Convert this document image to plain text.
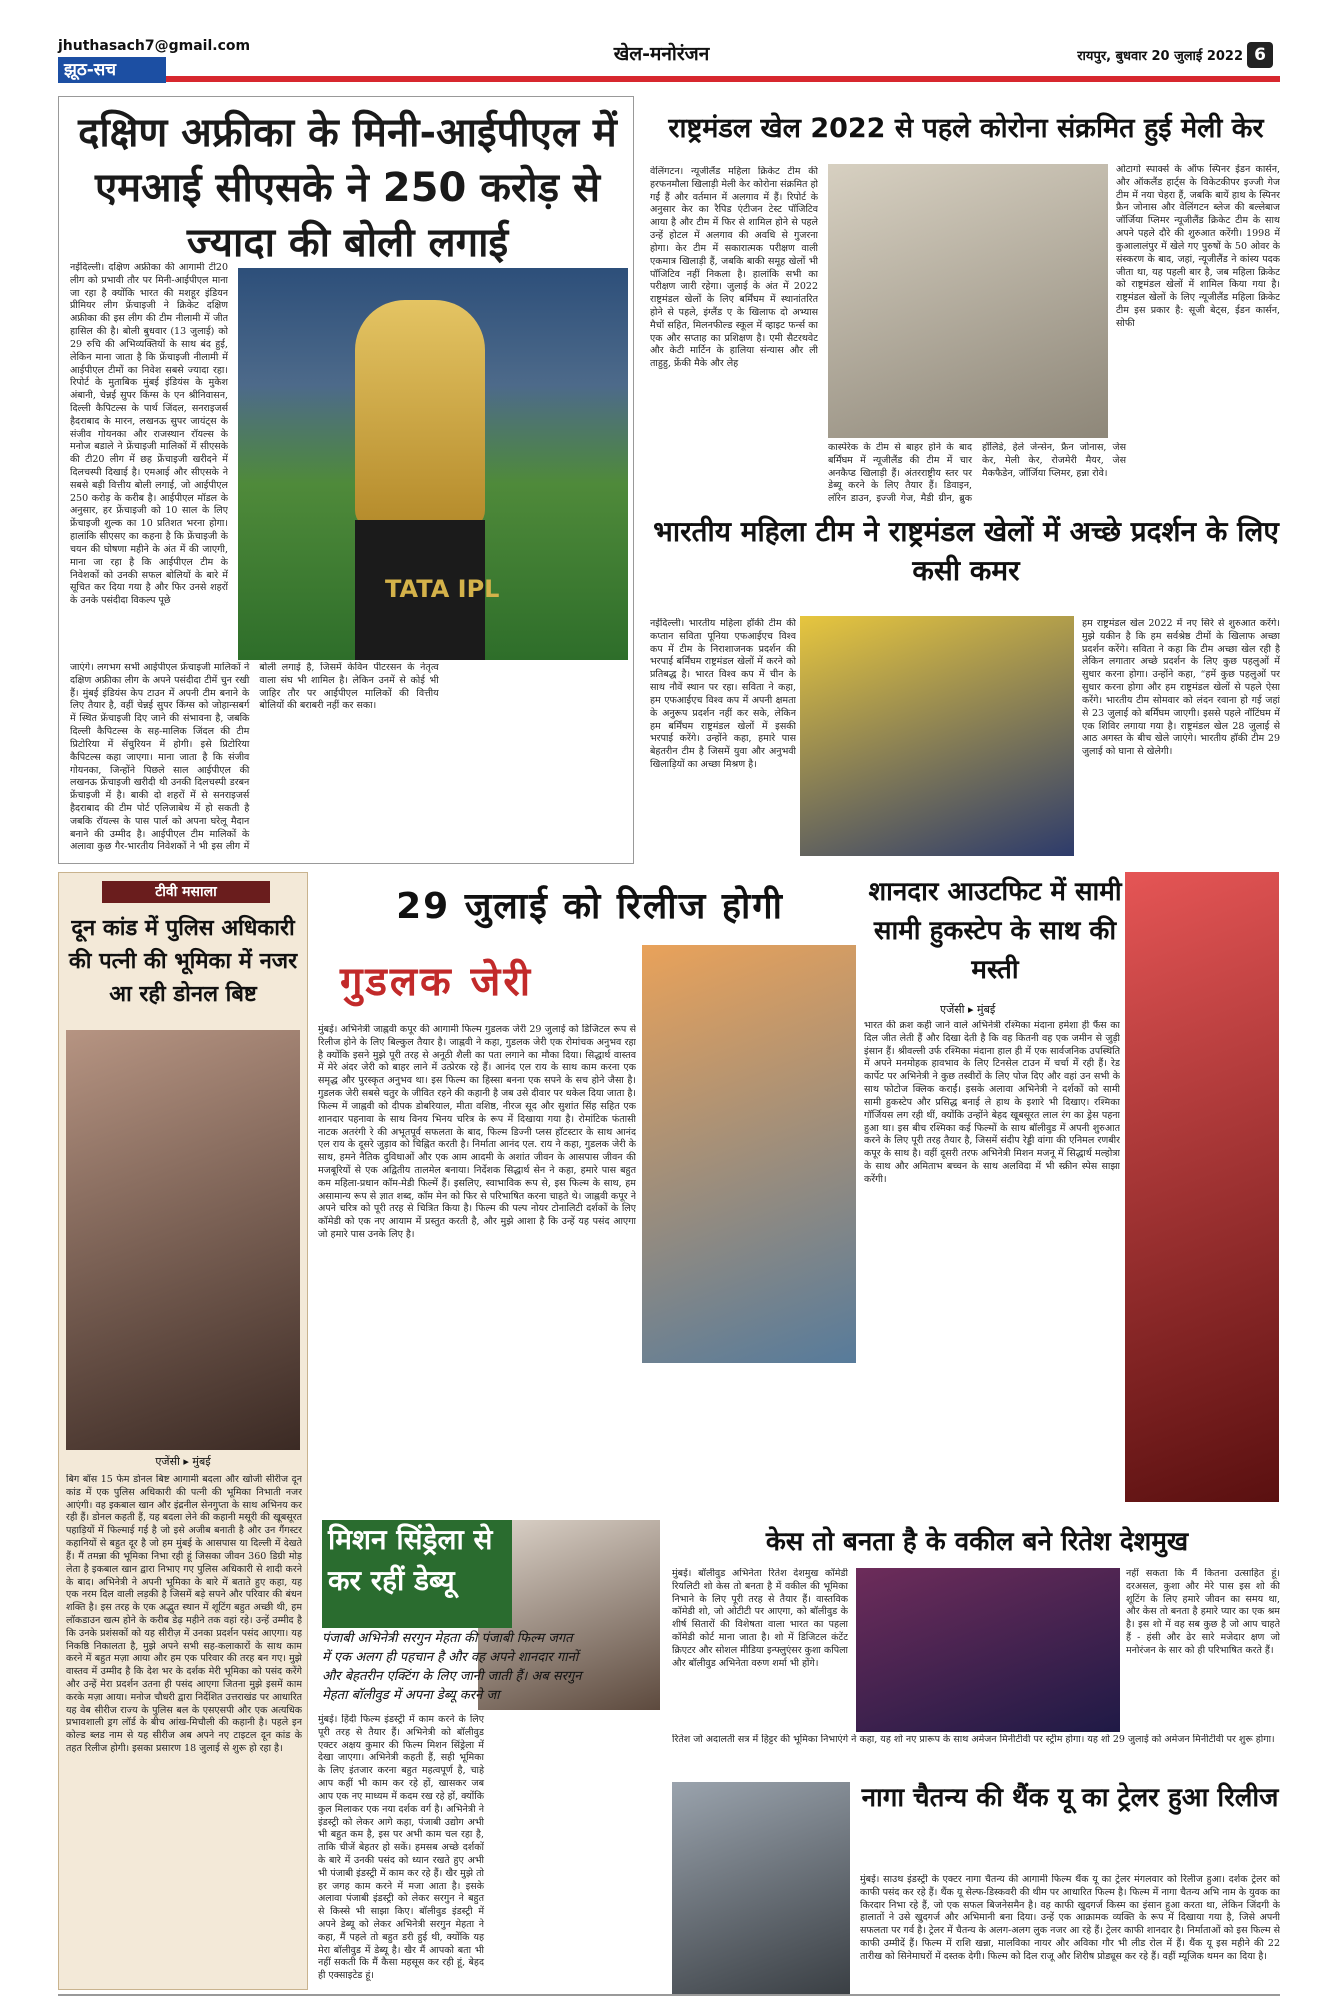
jhuthasach7@gmail.com	खेल-मनोरंजन	रायपुर, बुधवार 20 जुलाई 2022 6
झूठ-सच
दक्षिण अफ्रीका के मिनी-आईपीएल में एमआई सीएसके ने 250 करोड़ से ज्यादा की बोली लगाई
TATA IPL
नईदिल्ली। दक्षिण अफ्रीका की आगामी टी20 लीग को प्रभावी तौर पर मिनी-आईपीएल माना जा रहा है क्योंकि भारत की मशहूर इंडियन प्रीमियर लीग फ्रेंचाइजी ने क्रिकेट दक्षिण अफ्रीका की इस लीग की टीम नीलामी में जीत हासिल की है। बोली बुधवार (13 जुलाई) को 29 रुचि की अभिव्यक्तियों के साथ बंद हुई, लेकिन माना जाता है कि फ्रेंचाइजी नीलामी में आईपीएल टीमों का निवेश सबसे ज्यादा रहा। रिपोर्ट के मुताबिक मुंबई इंडियंस के मुकेश अंबानी, चेन्नई सुपर किंग्स के एन श्रीनिवासन, दिल्ली कैपिटल्स के पार्थ जिंदल, सनराइजर्स हैदराबाद के मारन, लखनऊ सुपर जायंट्स के संजीव गोयनका और राजस्थान रॉयल्स के मनोज बडाले ने फ्रेंचाइजी मालिकों में सीएसके की टी20 लीग में छह फ्रेंचाइजी खरीदने में दिलचस्पी दिखाई है। एमआई और सीएसके ने सबसे बड़ी वित्तीय बोली लगाई, जो आईपीएल 250 करोड़ के करीब है। आईपीएल मॉडल के अनुसार, हर फ्रेंचाइजी को 10 साल के लिए फ्रेंचाइजी शुल्क का 10 प्रतिशत भरना होगा। हालांकि सीएसए का कहना है कि फ्रेंचाइजी के चयन की घोषणा महीने के अंत में की जाएगी, माना जा रहा है कि आईपीएल टीम के निवेशकों को उनकी सफल बोलियों के बारे में सूचित कर दिया गया है और फिर उनसे शहरों के उनके पसंदीदा विकल्प पूछे
जाएंगे। लगभग सभी आईपीएल फ्रेंचाइजी मालिकों ने दक्षिण अफ्रीका लीग के अपने पसंदीदा टीमें चुन रखी हैं। मुंबई इंडियंस केप टाउन में अपनी टीम बनाने के लिए तैयार है, वहीं चेन्नई सुपर किंग्स को जोहान्सबर्ग में स्थित फ्रेंचाइजी दिए जाने की संभावना है, जबकि दिल्ली कैपिटल्स के सह-मालिक जिंदल की टीम प्रिटोरिया में सेंचुरियन में होगी। इसे प्रिटोरिया कैपिटल्स कहा जाएगा। माना जाता है कि संजीव गोयनका, जिन्होंने पिछले साल आईपीएल की लखनऊ फ्रेंचाइजी खरीदी थी उनकी दिलचस्पी डरबन फ्रेंचाइजी में है। बाकी दो शहरों में से सनराइजर्स हैदराबाद की टीम पोर्ट एलिजाबेथ में हो सकती है जबकि रॉयल्स के पास पार्ल को अपना घरेलू मैदान बनाने की उम्मीद है। आईपीएल टीम मालिकों के अलावा कुछ गैर-भारतीय निवेशकों ने भी इस लीग में बोली लगाई है, जिसमें केविन पीटरसन के नेतृत्व वाला संघ भी शामिल है। लेकिन उनमें से कोई भी जाहिर तौर पर आईपीएल मालिकों की वित्तीय बोलियों की बराबरी नहीं कर सका।
राष्ट्रमंडल खेल 2022 से पहले कोरोना संक्रमित हुई मेली केर
वेलिंगटन। न्यूजीलैंड महिला क्रिकेट टीम की हरफनमौला खिलाड़ी मेली केर कोरोना संक्रमित हो गईं हैं और वर्तमान में अलगाव में हैं। रिपोर्ट के अनुसार केर का रैपिड एंटीजन टेस्ट पॉजिटिव आया है और टीम में फिर से शामिल होने से पहले उन्हें होटल में अलगाव की अवधि से गुजरना होगा। केर टीम में सकारात्मक परीक्षण वाली एकमात्र खिलाड़ी हैं, जबकि बाकी समूह खेलों भी पॉजिटिव नहीं निकला है। हालांकि सभी का परीक्षण जारी रहेगा। जुलाई के अंत में 2022 राष्ट्रमंडल खेलों के लिए बर्मिंघम में स्थानांतरित होने से पहले, इंग्लैंड ए के खिलाफ दो अभ्यास मैचों सहित, मिलनफील्ड स्कूल में व्हाइट फर्न्स का एक और सप्ताह का प्रशिक्षण है। एमी सैटरथवेट और केटी मार्टिन के हालिया संन्यास और ली ताहुहु, फ्रेंकी मैके और लेह
ओटागो स्पार्क्स के ऑफ स्पिनर ईडन कार्सन, और ऑकलैंड हार्ट्स के विकेटकीपर इज्जी गेज टीम में नया चेहरा हैं, जबकि बायें हाथ के स्पिनर फ्रैन जोनास और वेलिंगटन ब्लेज की बल्लेबाज जॉर्जिया प्लिमर न्यूजीलैंड क्रिकेट टीम के साथ अपने पहले दौरे की शुरुआत करेंगी। 1998 में कुआलालंपुर में खेले गए पुरुषों के 50 ओवर के संस्करण के बाद, जहां, न्यूजीलैंड ने कांस्य पदक जीता था, यह पहली बार है, जब महिला क्रिकेट को राष्ट्रमंडल खेलों में शामिल किया गया है। राष्ट्रमंडल खेलों के लिए न्यूजीलैंड महिला क्रिकेट टीम इस प्रकार है: सूजी बेट्स, ईडन कार्सन, सोफी
कास्पेरेक के टीम से बाहर होने के बाद बर्मिंघम में न्यूजीलैंड की टीम में चार अनकैप्ड खिलाड़ी हैं। अंतरराष्ट्रीय स्तर पर डेब्यू करने के लिए तैयार हैं। डिवाइन, लॉरेन डाउन, इज्जी गेज, मैडी ग्रीन, ब्रुक हॉलिडे, हेले जेन्सेन, फ्रैन जोनास, जेस केर, मेली केर, रोजमेरी मैयर, जेस मैकफैडेन, जॉर्जिया प्लिमर, हन्ना रोवे।
भारतीय महिला टीम ने राष्ट्रमंडल खेलों में अच्छे प्रदर्शन के लिए कसी कमर
नईदिल्ली। भारतीय महिला हॉकी टीम की कप्तान सविता पूनिया एफआईएच विश्व कप में टीम के निराशाजनक प्रदर्शन की भरपाई बर्मिंघम राष्ट्रमंडल खेलों में करने को प्रतिबद्ध है। भारत विश्व कप में चीन के साथ नौवें स्थान पर रहा। सविता ने कहा, हम एफआईएच विश्व कप में अपनी क्षमता के अनुरूप प्रदर्शन नहीं कर सके, लेकिन हम बर्मिंघम राष्ट्रमंडल खेलों में इसकी भरपाई करेंगे। उन्होंने कहा, हमारे पास बेहतरीन टीम है जिसमें युवा और अनुभवी खिलाड़ियों का अच्छा मिश्रण है।
हम राष्ट्रमंडल खेल 2022 में नए सिरे से शुरुआत करेंगे। मुझे यकीन है कि हम सर्वश्रेष्ठ टीमों के खिलाफ अच्छा प्रदर्शन करेंगे। सविता ने कहा कि टीम अच्छा खेल रही है लेकिन लगातार अच्छे प्रदर्शन के लिए कुछ पहलुओं में सुधार करना होगा। उन्होंने कहा, “हमें कुछ पहलुओं पर सुधार करना होगा और हम राष्ट्रमंडल खेलों से पहले ऐसा करेंगे। भारतीय टीम सोमवार को लंदन रवाना हो गई जहां से 23 जुलाई को बर्मिंघम जाएगी। इससे पहले नॉटिंघम में एक शिविर लगाया गया है। राष्ट्रमंडल खेल 28 जुलाई से आठ अगस्त के बीच खेले जाएंगे। भारतीय हॉकी टीम 29 जुलाई को घाना से खेलेगी।
टीवी मसाला
दून कांड में पुलिस अधिकारी की पत्नी की भूमिका में नजर आ रही डोनल बिष्ट
एजेंसी ▸ मुंबई
बिग बॉस 15 फेम डोनल बिष्ट आगामी बदला और खोजी सीरीज दून कांड में एक पुलिस अधिकारी की पत्नी की भूमिका निभाती नजर आएंगी। वह इकबाल खान और इंद्रनील सेनगुप्ता के साथ अभिनय कर रही हैं। डोनल कहती हैं, यह बदला लेने की कहानी मसूरी की खूबसूरत पहाड़ियों में फिल्माई गई है जो इसे अजीब बनाती है और उन गैंगस्टर कहानियों से बहुत दूर है जो हम मुंबई के आसपास या दिल्ली में देखते हैं। मैं तमन्ना की भूमिका निभा रही हूं जिसका जीवन 360 डिग्री मोड़ लेता है इकबाल खान द्वारा निभाए गए पुलिस अधिकारी से शादी करने के बाद। अभिनेत्री ने अपनी भूमिका के बारे में बताते हुए कहा, यह एक नरम दिल वाली लड़की है जिसमें बड़े सपने और परिवार की बंधन शक्ति है। इस तरह के एक अद्भुत स्थान में शूटिंग बहुत अच्छी थी, हम लॉकडाउन खत्म होने के करीब डेढ़ महीने तक वहां रहे। उन्हें उम्मीद है कि उनके प्रशंसकों को यह सीरीज़ में उनका प्रदर्शन पसंद आएगा। यह निकष्ठि निकालता है, मुझे अपने सभी सह-कलाकारों के साथ काम करने में बहुत मज़ा आया और हम एक परिवार की तरह बन गए। मुझे वास्तव में उम्मीद है कि देश भर के दर्शक मेरी भूमिका को पसंद करेंगे और उन्हें मेरा प्रदर्शन उतना ही पसंद आएगा जितना मुझे इसमें काम करके मज़ा आया। मनोज चौधरी द्वारा निर्देशित उत्तराखंड पर आधारित यह वेब सीरीज राज्य के पुलिस बल के एसएसपी और एक अत्यधिक प्रभावशाली ड्रग लॉर्ड के बीच आंख-मिचौली की कहानी है। पहले इन कोल्ड ब्लड नाम से यह सीरीज अब अपने नए टाइटल दून कांड के तहत रिलीज होगी। इसका प्रसारण 18 जुलाई से शुरू हो रहा है।
29 जुलाई को रिलीज होगी
गुडलक जेरी
मुंबई। अभिनेत्री जाह्नवी कपूर की आगामी फिल्म गुडलक जेरी 29 जुलाई को डिजिटल रूप से रिलीज होने के लिए बिल्कुल तैयार है। जाह्नवी ने कहा, गुडलक जेरी एक रोमांचक अनुभव रहा है क्योंकि इसने मुझे पूरी तरह से अनूठी शैली का पता लगाने का मौका दिया। सिद्धार्थ वास्तव में मेरे अंदर जेरी को बाहर लाने में उत्प्रेरक रहे हैं। आनंद एल राय के साथ काम करना एक समृद्ध और पुरस्कृत अनुभव था। इस फिल्म का हिस्सा बनना एक सपने के सच होने जैसा है। गुडलक जेरी सबसे चतुर के जीवित रहने की कहानी है जब उसे दीवार पर धकेल दिया जाता है। फिल्म में जाह्नवी को दीपक डोबरियाल, मीता वशिष्ठ, नीरज सूद और सुशांत सिंह सहित एक शानदार पहनावा के साथ विनय भिनय चरित्र के रूप में दिखाया गया है। रोमांटिक फंतासी नाटक अतरंगी रे की अभूतपूर्व सफलता के बाद, फिल्म डिज्नी प्लस हॉटस्टार के साथ आनंद एल राय के दूसरे जुड़ाव को चिह्नित करती है। निर्माता आनंद एल. राय ने कहा, गुडलक जेरी के साथ, हमने नैतिक दुविधाओं और एक आम आदमी के अशांत जीवन के आसपास जीवन की मजबूरियों से एक अद्वितीय तालमेल बनाया। निर्देशक सिद्धार्थ सेन ने कहा, हमारे पास बहुत कम महिला-प्रधान कॉम-मेडी फिल्में हैं। इसलिए, स्वाभाविक रूप से, इस फिल्म के साथ, हम असामान्य रूप से ज्ञात शब्द, कॉम मेन को फिर से परिभाषित करना चाहते थे। जाह्नवी कपूर ने अपने चरित्र को पूरी तरह से चित्रित किया है। फिल्म की पल्प नोयर टोनालिटी दर्शकों के लिए कॉमेडी को एक नए आयाम में प्रस्तुत करती है, और मुझे आशा है कि उन्हें यह पसंद आएगा जो हमारे पास उनके लिए है।
शानदार आउटफिट में सामी सामी हुकस्टेप के साथ की मस्ती
एजेंसी ▸ मुंबई
भारत की क्रश कही जाने वाले अभिनेत्री रश्मिका मंदाना हमेशा ही फैंस का दिल जीत लेती हैं और दिखा देती है कि वह कितनी वह एक जमीन से जुड़ी इंसान हैं। श्रीवल्ली उर्फ रश्मिका मंदाना हाल ही में एक सार्वजनिक उपस्थिति में अपने मनमोहक हावभाव के लिए टिनसेल टाउन में चर्चा में रही हैं। रेड कार्पेट पर अभिनेत्री ने कुछ तस्वीरों के लिए पोज दिए और वहां उन सभी के साथ फोटोज क्लिक कराईं। इसके अलावा अभिनेत्री ने दर्शकों को सामी सामी हुकस्टेप और प्रसिद्ध बनाई ले हाथ के इशारे भी दिखाए। रश्मिका गॉर्जियस लग रही थीं, क्योंकि उन्होंने बेहद खूबसूरत लाल रंग का ड्रेस पहना हुआ था। इस बीच रश्मिका कई फिल्मों के साथ बॉलीवुड में अपनी शुरुआत करने के लिए पूरी तरह तैयार है, जिसमें संदीप रेड्डी वांगा की एनिमल रणबीर कपूर के साथ है। वहीं दूसरी तरफ अभिनेत्री मिशन मजनू में सिद्धार्थ मल्होत्रा के साथ और अमिताभ बच्चन के साथ अलविदा में भी स्क्रीन स्पेस साझा करेंगी।
मिशन सिंड्रेला से कर रहीं डेब्यू
पंजाबी अभिनेत्री सरगुन मेहता की पंजाबी फिल्म जगत में एक अलग ही पहचान है और वह अपने शानदार गानों और बेहतरीन एक्टिंग के लिए जानी जाती हैं। अब सरगुन मेहता बॉलीवुड में अपना डेब्यू करने जा
मुंबई। हिंदी फिल्म इंडस्ट्री में काम करने के लिए पूरी तरह से तैयार हैं। अभिनेत्री को बॉलीवुड एक्टर अक्षय कुमार की फिल्म मिशन सिंड्रेला में देखा जाएगा। अभिनेत्री कहती हैं, सही भूमिका के लिए इंतजार करना बहुत महत्वपूर्ण है, चाहे आप कहीं भी काम कर रहे हों, खासकर जब आप एक नए माध्यम में कदम रख रहे हों, क्योंकि कुल मिलाकर एक नया दर्शक वर्ग है। अभिनेत्री ने इंडस्ट्री को लेकर आगे कहा, पंजाबी उद्योग अभी भी बहुत कम है, इस पर अभी काम चल रहा है, ताकि चीजें बेहतर हो सकें। हमसब अच्छे दर्शकों के बारे में उनकी पसंद को ध्यान रखते हुए अभी भी पंजाबी इंडस्ट्री में काम कर रहे हैं। खैर मुझे तो हर जगह काम करने में मजा आता है। इसके अलावा पंजाबी इंडस्ट्री को लेकर सरगुन ने बहुत से किस्से भी साझा किए। बॉलीवुड इंडस्ट्री में अपने डेब्यू को लेकर अभिनेत्री सरगुन मेहता ने कहा, मैं पहले तो बहुत डरी हुई थी, क्योंकि यह मेरा बॉलीवुड में डेब्यू है। खैर मैं आपको बता भी नहीं सकती कि मैं कैसा महसूस कर रही हूं, बेहद ही एक्साइटेड हूं।
केस तो बनता है के वकील बने रितेश देशमुख
मुंबई। बॉलीवुड अभिनेता रितेश देशमुख कॉमेडी रियलिटी शो केस तो बनता है में वकील की भूमिका निभाने के लिए पूरी तरह से तैयार हैं। वास्तविक कॉमेडी शो, जो ओटीटी पर आएगा, को बॉलीवुड के शीर्ष सितारों की विशेषता वाला भारत का पहला कॉमेडी कोर्ट माना जाता है। शो में डिजिटल कंटेंट क्रिएटर और सोशल मीडिया इन्फ्लुएंसर कुशा कपिला और बॉलीवुड अभिनेता वरुण शर्मा भी होंगे।
नहीं सकता कि मैं कितना उत्साहित हूं। दरअसल, कुशा और मेरे पास इस शो की शूटिंग के लिए हमारे जीवन का समय था, और केस तो बनता है हमारे प्यार का एक श्रम है। इस शो में वह सब कुछ है जो आप चाहते हैं - हंसी और ढेर सारे मजेदार क्षण जो मनोरंजन के सार को ही परिभाषित करते हैं।
रितेश जो अदालती सत्र में हिट्टर की भूमिका निभाएंगे ने कहा, यह शो नए प्रारूप के साथ अमेजन मिनीटीवी पर स्ट्रीम होगा। यह शो 29 जुलाई को अमेजन मिनीटीवी पर शुरू होगा।
नागा चैतन्य की थैंक यू का ट्रेलर हुआ रिलीज
मुंबई। साउथ इंडस्ट्री के एक्टर नागा चैतन्य की आगामी फिल्म थैंक यू का ट्रेलर मंगलवार को रिलीज हुआ। दर्शक ट्रेलर को काफी पसंद कर रहे हैं। थैंक यू सेल्फ-डिस्कवरी की थीम पर आधारित फिल्म है। फिल्म में नागा चैतन्य अभि नाम के युवक का किरदार निभा रहे हैं, जो एक सफल बिजनेसमैन है। वह काफी खुदगर्ज किस्म का इंसान हुआ करता था, लेकिन जिंदगी के हालातों ने उसे खुदगर्ज और अभिमानी बना दिया। उन्हें एक आक्रामक व्यक्ति के रूप में दिखाया गया है, जिसे अपनी सफलता पर गर्व है। ट्रेलर में चैतन्य के अलग-अलग लुक नजर आ रहे हैं। ट्रेलर काफी शानदार है। निर्माताओं को इस फिल्म से काफी उम्मीदें हैं। फिल्म में राशि खन्ना, मालविका नायर और अविका गौर भी लीड रोल में हैं। थैंक यू इस महीने की 22 तारीख को सिनेमाघरों में दस्तक देगी। फिल्म को दिल राजू और शिरीष प्रोड्यूस कर रहे हैं। वहीं म्यूजिक थमन का दिया है।
